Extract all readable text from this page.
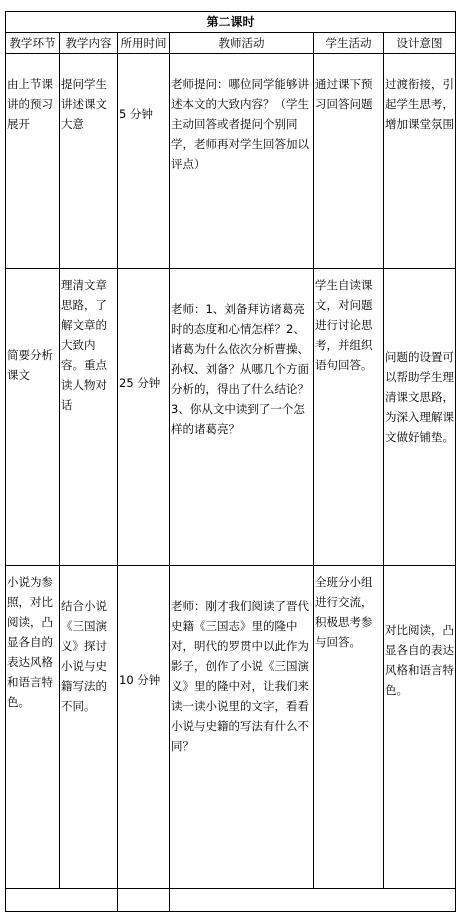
第二课时					
教学环节	教学内容	所用时间	教师活动	学生活动	设计意图
由上节课讲的预习展开	提问学生讲述课文大意	5 分钟	老师提问：哪位同学能够讲述本文的大致内容？（学生主动回答或者提问个别同学，老师再对学生回答加以评点）	通过课下预习回答问题	过渡衔接，引起学生思考，增加课堂氛围
简要分析课文	理清文章思路，了解文章的大致内容。重点读人物对话	25 分钟	老师：1、刘备拜访诸葛亮时的态度和心情怎样？2、诸葛为什么依次分析曹操、孙权、刘备？从哪几个方面分析的，得出了什么结论？3、你从文中读到了一个怎样的诸葛亮？	学生自读课文，对问题进行讨论思考，并组织语句回答。	问题的设置可以帮助学生理清课文思路，为深入理解课文做好铺垫。
小说为参照，对比阅读，凸显各自的表达风格和语言特色。	结合小说《三国演义》探讨小说与史籍写法的不同。	10 分钟	老师：刚才我们阅读了晋代史籍《三国志》里的隆中对，明代的罗贯中以此作为影子，创作了小说《三国演义》里的隆中对，让我们来读一读小说里的文字，看看小说与史籍的写法有什么不同？	全班分小组进行交流，积极思考参与回答。	对比阅读，凸显各自的表达风格和语言特色。
